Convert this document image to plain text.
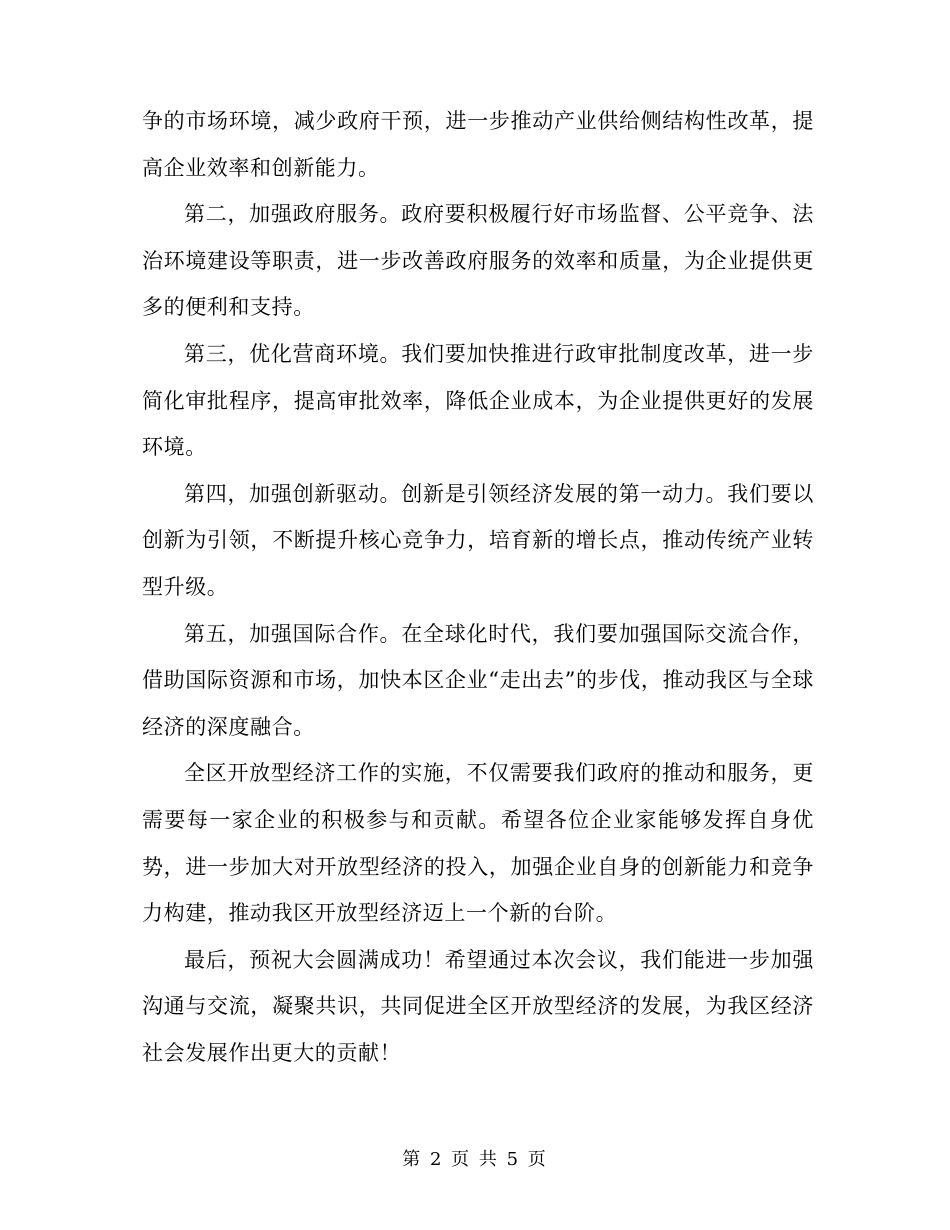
争的市场环境，减少政府干预，进一步推动产业供给侧结构性改革，提高企业效率和创新能力。

第二，加强政府服务。政府要积极履行好市场监督、公平竞争、法治环境建设等职责，进一步改善政府服务的效率和质量，为企业提供更多的便利和支持。

第三，优化营商环境。我们要加快推进行政审批制度改革，进一步简化审批程序，提高审批效率，降低企业成本，为企业提供更好的发展环境。

第四，加强创新驱动。创新是引领经济发展的第一动力。我们要以创新为引领，不断提升核心竞争力，培育新的增长点，推动传统产业转型升级。

第五，加强国际合作。在全球化时代，我们要加强国际交流合作，借助国际资源和市场，加快本区企业“走出去”的步伐，推动我区与全球经济的深度融合。

全区开放型经济工作的实施，不仅需要我们政府的推动和服务，更需要每一家企业的积极参与和贡献。希望各位企业家能够发挥自身优势，进一步加大对开放型经济的投入，加强企业自身的创新能力和竞争力构建，推动我区开放型经济迈上一个新的台阶。

最后，预祝大会圆满成功！希望通过本次会议，我们能进一步加强沟通与交流，凝聚共识，共同促进全区开放型经济的发展，为我区经济社会发展作出更大的贡献！

第 2 页 共 5 页
